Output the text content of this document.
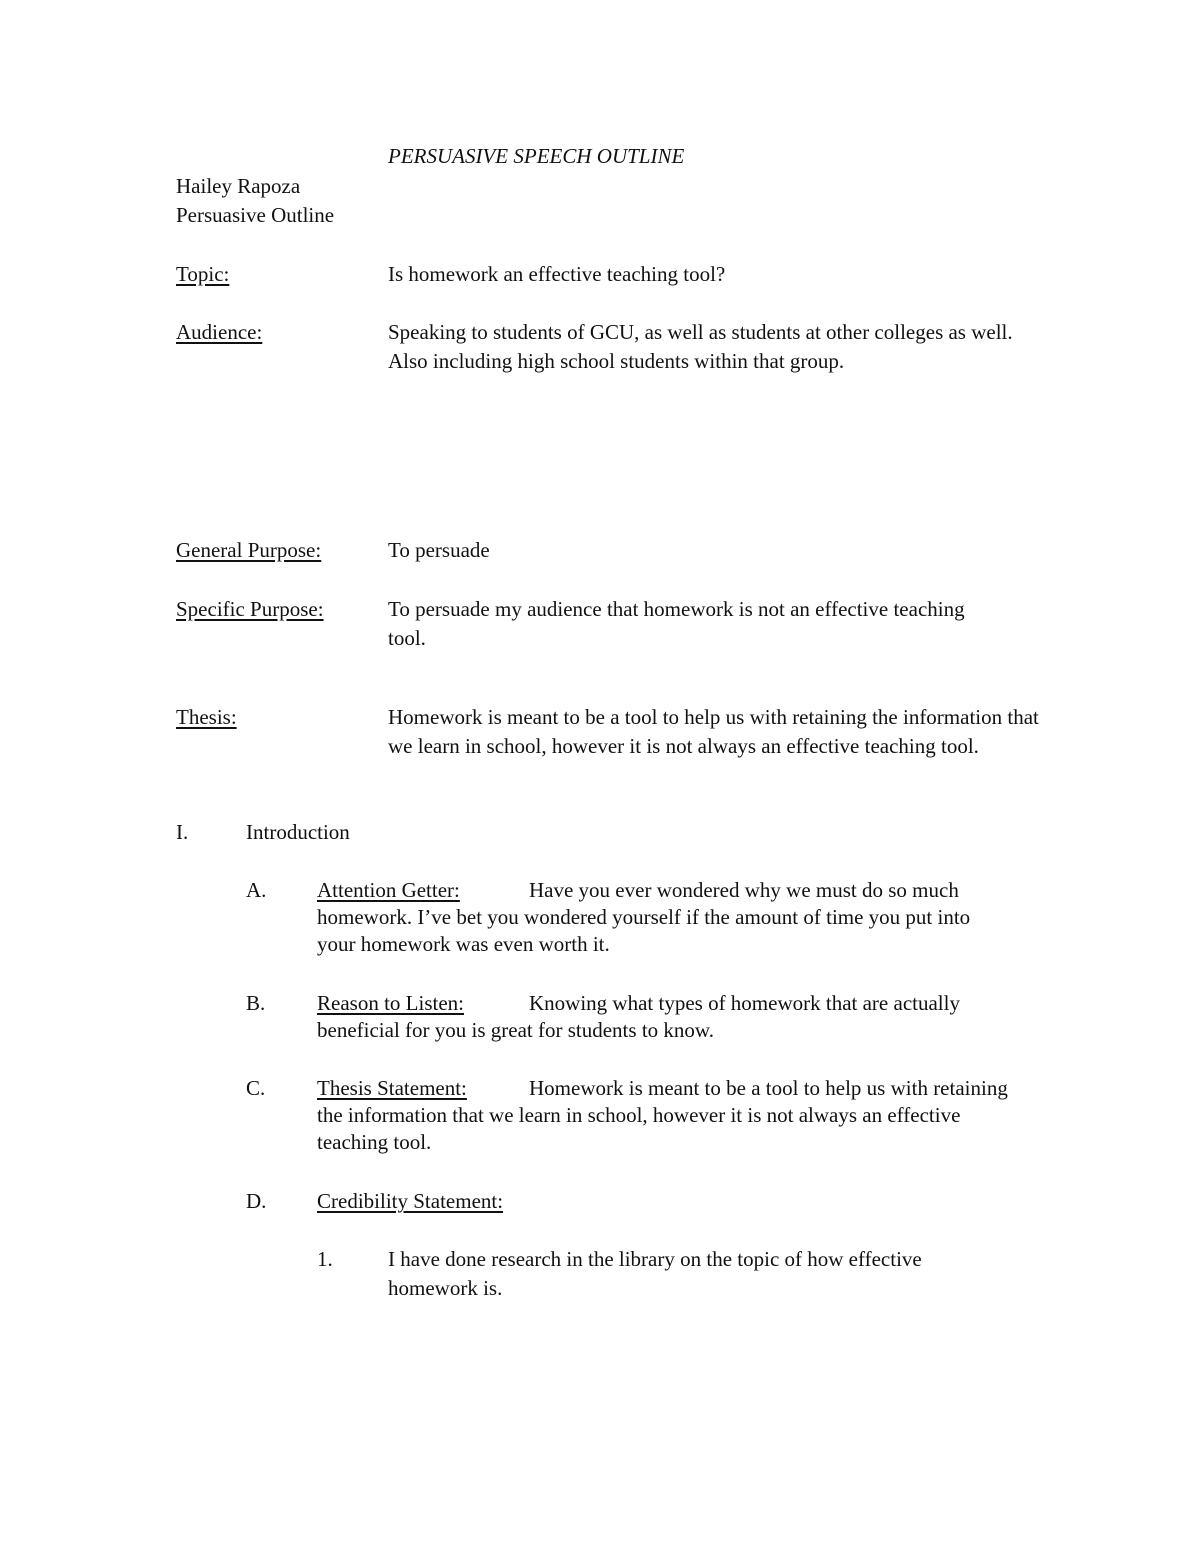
PERSUASIVE SPEECH OUTLINE
Hailey Rapoza
Persuasive Outline
Topic:	Is homework an effective teaching tool?
Audience:	Speaking to students of GCU, as well as students at other colleges as well.
Also including high school students within that group.
General Purpose:	To persuade
Specific Purpose:	To persuade my audience that homework is not an effective teaching
tool.
Thesis:	Homework is meant to be a tool to help us with retaining the information that
we learn in school, however it is not always an effective teaching tool.
I.	Introduction
A. Attention Getter:	Have you ever wondered why we must do so much
homework. I’ve bet you wondered yourself if the amount of time you put into
your homework was even worth it.
B. Reason to Listen:	Knowing what types of homework that are actually
beneficial for you is great for students to know.
C. Thesis Statement:	Homework is meant to be a tool to help us with retaining
the information that we learn in school, however it is not always an effective
teaching tool.
D. Credibility Statement:
1.	I have done research in the library on the topic of how effective
homework is.
